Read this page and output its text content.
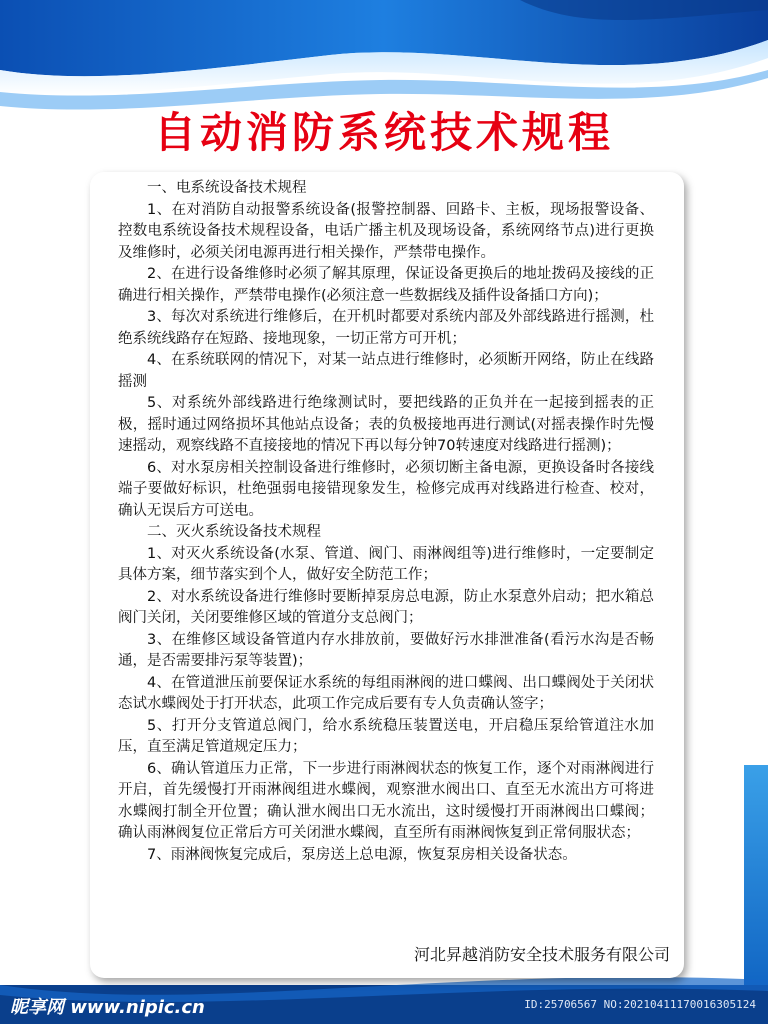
自动消防系统技术规程

一、电系统设备技术规程

1、在对消防自动报警系统设备(报警控制器、回路卡、主板，现场报警设备、控数电系统设备技术规程设备，电话广播主机及现场设备，系统网络节点)进行更换及维修时，必须关闭电源再进行相关操作，严禁带电操作。

2、在进行设备维修时必须了解其原理，保证设备更换后的地址拨码及接线的正确进行相关操作，严禁带电操作(必须注意一些数据线及插件设备插口方向)；

3、每次对系统进行维修后，在开机时都要对系统内部及外部线路进行摇测，杜绝系统线路存在短路、接地现象，一切正常方可开机；

4、在系统联网的情况下，对某一站点进行维修时，必须断开网络，防止在线路摇测

5、对系统外部线路进行绝缘测试时，要把线路的正负并在一起接到摇表的正极，摇时通过网络损坏其他站点设备；表的负极接地再进行测试(对摇表操作时先慢速摇动，观察线路不直接接地的情况下再以每分钟70转速度对线路进行摇测)；

6、对水泵房相关控制设备进行维修时，必须切断主备电源，更换设备时各接线端子要做好标识，杜绝强弱电接错现象发生，检修完成再对线路进行检查、校对，确认无误后方可送电。

二、灭火系统设备技术规程

1、对灭火系统设备(水泵、管道、阀门、雨淋阀组等)进行维修时，一定要制定具体方案，细节落实到个人，做好安全防范工作；

2、对水系统设备进行维修时要断掉泵房总电源，防止水泵意外启动；把水箱总阀门关闭，关闭要维修区域的管道分支总阀门；

3、在维修区域设备管道内存水排放前，要做好污水排泄准备(看污水沟是否畅通，是否需要排污泵等装置)；

4、在管道泄压前要保证水系统的每组雨淋阀的进口蝶阀、出口蝶阀处于关闭状态试水蝶阀处于打开状态，此项工作完成后要有专人负责确认签字；

5、打开分支管道总阀门，给水系统稳压装置送电，开启稳压泵给管道注水加压，直至满足管道规定压力；

6、确认管道压力正常，下一步进行雨淋阀状态的恢复工作，逐个对雨淋阀进行开启，首先缓慢打开雨淋阀组进水蝶阀，观察泄水阀出口、直至无水流出方可将进水蝶阀打制全开位置；确认泄水阀出口无水流出，这时缓慢打开雨淋阀出口蝶阀；确认雨淋阀复位正常后方可关闭泄水蝶阀，直至所有雨淋阀恢复到正常伺服状态；

7、雨淋阀恢复完成后，泵房送上总电源，恢复泵房相关设备状态。

河北昇越消防安全技术服务有限公司
昵享网 www.nipic.cn	ID:25706567 NO:20210411170016305124
